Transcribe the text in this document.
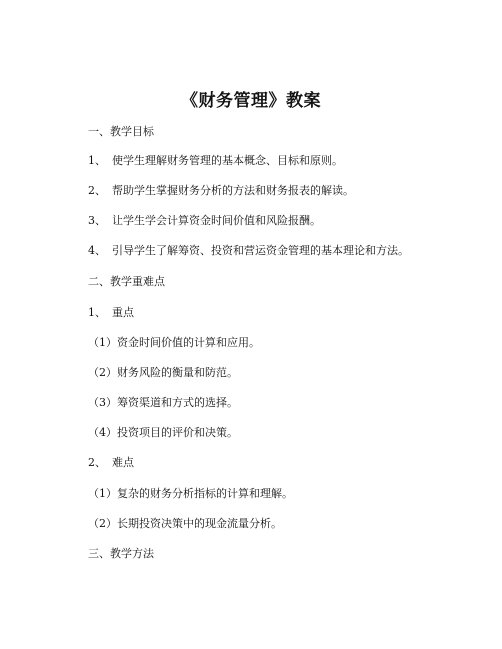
《财务管理》教案
一、教学目标
1、 使学生理解财务管理的基本概念、目标和原则。
2、 帮助学生掌握财务分析的方法和财务报表的解读。
3、 让学生学会计算资金时间价值和风险报酬。
4、 引导学生了解筹资、投资和营运资金管理的基本理论和方法。
二、教学重难点
1、 重点
（1）资金时间价值的计算和应用。
（2）财务风险的衡量和防范。
（3）筹资渠道和方式的选择。
（4）投资项目的评价和决策。
2、 难点
（1）复杂的财务分析指标的计算和理解。
（2）长期投资决策中的现金流量分析。
三、教学方法
